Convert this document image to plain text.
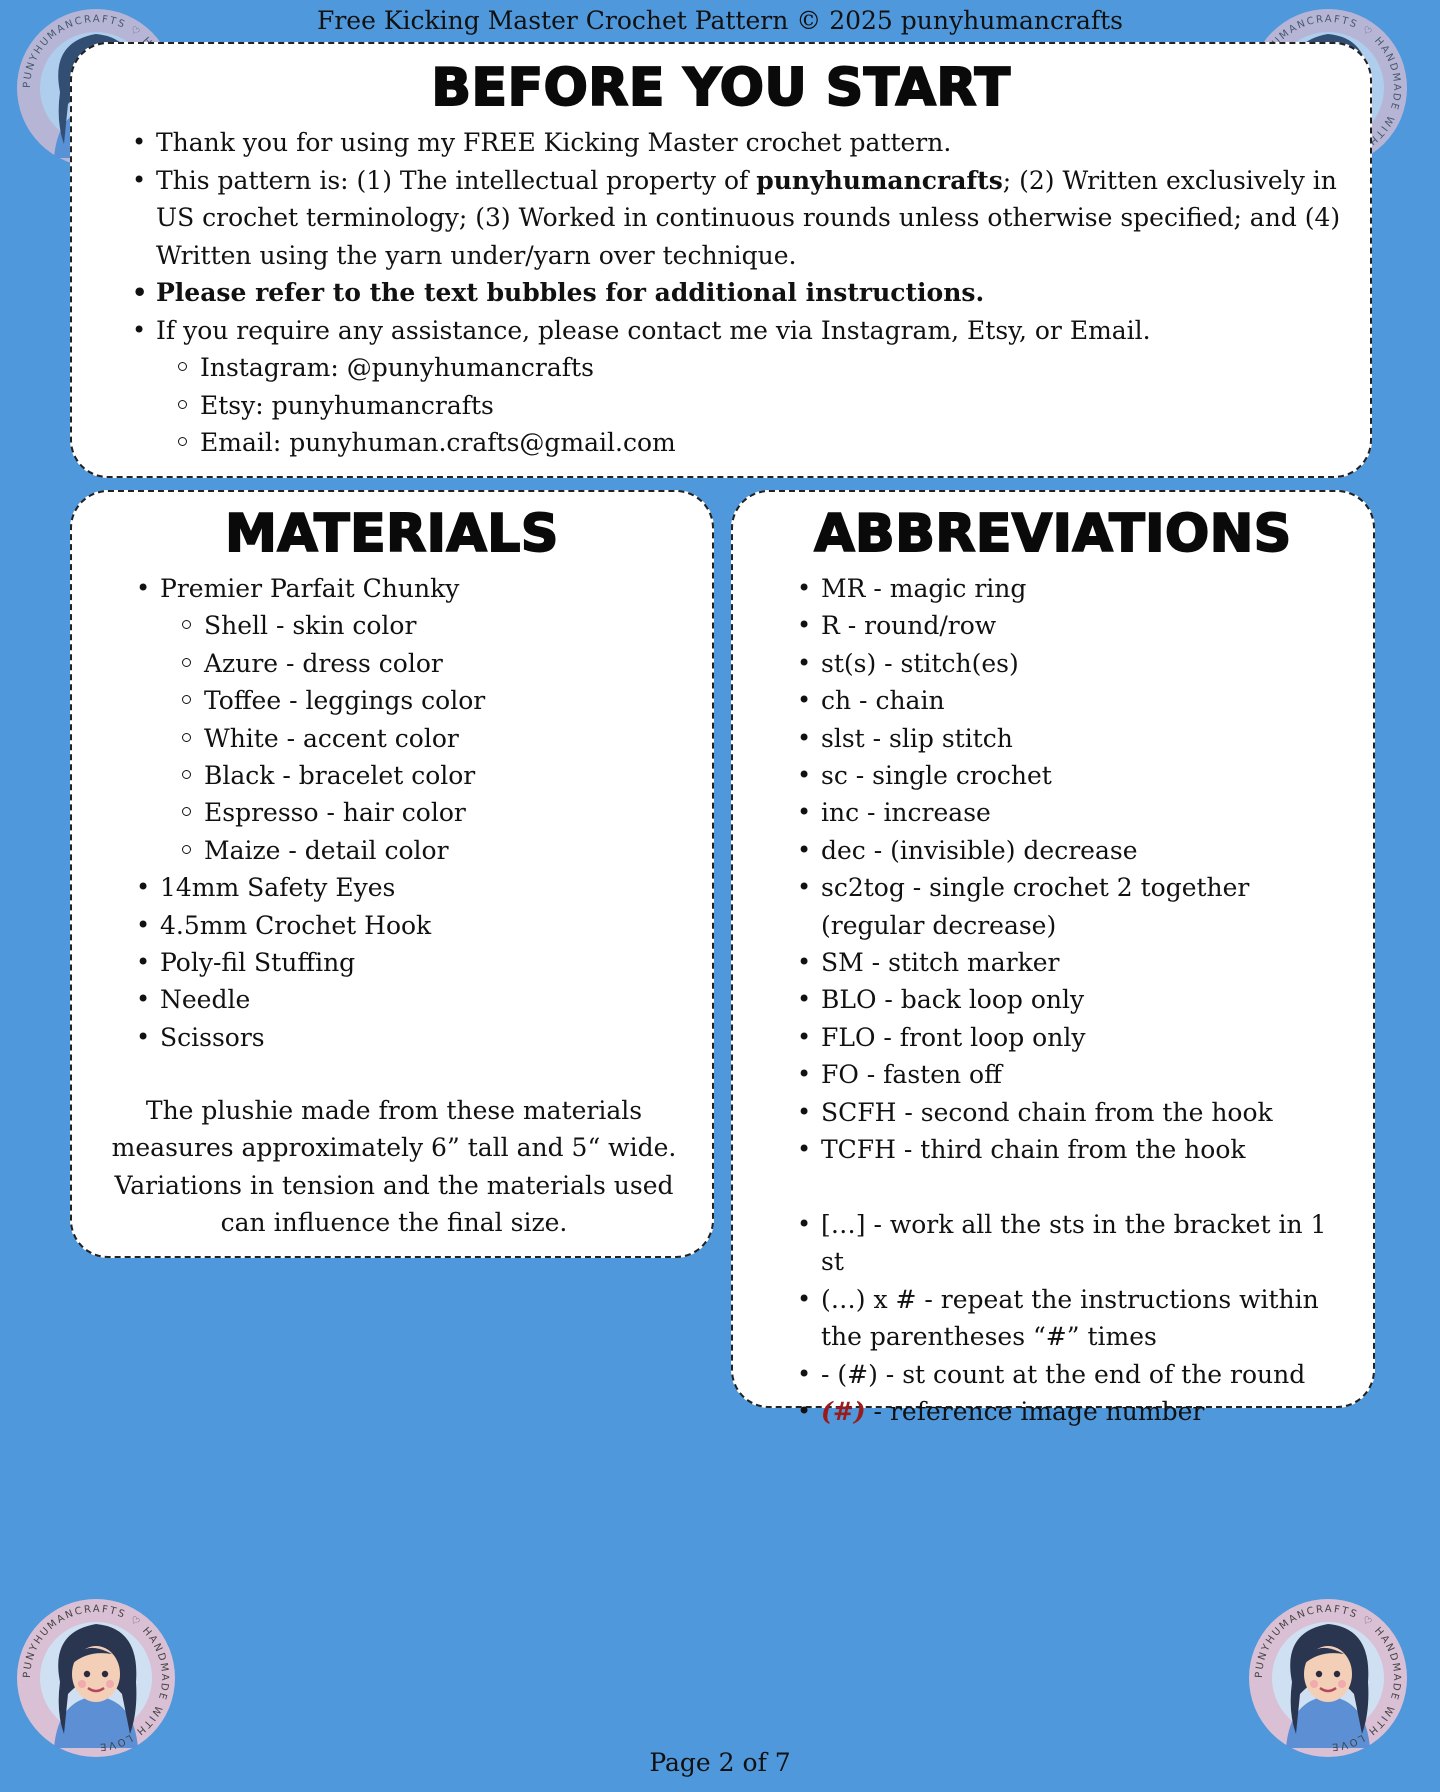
Free Kicking Master Crochet Pattern © 2025 punyhumancrafts
BEFORE YOU START
• Thank you for using my FREE Kicking Master crochet pattern.
• This pattern is: (1) The intellectual property of punyhumancrafts; (2) Written exclusively in US crochet terminology; (3) Worked in continuous rounds unless otherwise specified; and (4) Written using the yarn under/yarn over technique.
• Please refer to the text bubbles for additional instructions.
• If you require any assistance, please contact me via Instagram, Etsy, or Email.
Instagram: @punyhumancrafts
Etsy: punyhumancrafts
Email: punyhuman.crafts@gmail.com
MATERIALS
• Premier Parfait Chunky
Shell - skin color
Azure - dress color
Toffee - leggings color
White - accent color
Black - bracelet color
Espresso - hair color
Maize - detail color
• 14mm Safety Eyes
• 4.5mm Crochet Hook
• Poly-fil Stuffing
• Needle
• Scissors

The plushie made from these materials measures approximately 6” tall and 5“ wide. Variations in tension and the materials used can influence the final size.

ABBREVIATIONS
• MR - magic ring
• R - round/row
• st(s) - stitch(es)
• ch - chain
• slst - slip stitch
• sc - single crochet
• inc - increase
• dec - (invisible) decrease
• sc2tog - single crochet 2 together (regular decrease)
• SM - stitch marker
• BLO - back loop only
• FLO - front loop only
• FO - fasten off
• SCFH - second chain from the hook
• TCFH - third chain from the hook
• […] - work all the sts in the bracket in 1 st
• (…) x # - repeat the instructions within the parentheses “#” times
• - (#) - st count at the end of the round
• (#) - reference image number
Page 2 of 7
